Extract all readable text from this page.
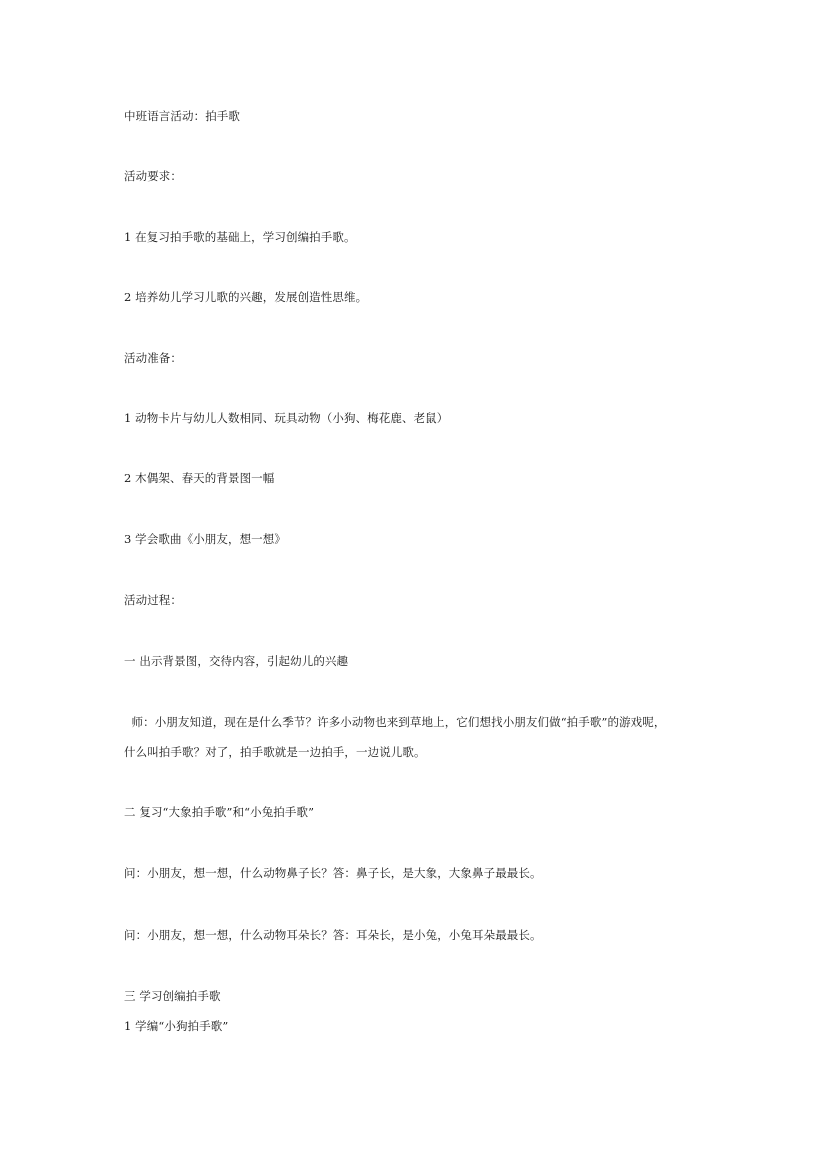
中班语言活动：拍手歌
活动要求：
1 在复习拍手歌的基础上，学习创编拍手歌。
2 培养幼儿学习儿歌的兴趣，发展创造性思维。
活动准备：
1 动物卡片与幼儿人数相同、玩具动物（小狗、梅花鹿、老鼠）
2 木偶架、春天的背景图一幅
3 学会歌曲《小朋友，想一想》
活动过程：
一 出示背景图，交待内容，引起幼儿的兴趣
师：小朋友知道，现在是什么季节？许多小动物也来到草地上，它们想找小朋友们做“拍手歌”的游戏呢，
什么叫拍手歌？对了，拍手歌就是一边拍手，一边说儿歌。
二 复习“大象拍手歌”和“小兔拍手歌”
问：小朋友，想一想，什么动物鼻子长？答：鼻子长，是大象，大象鼻子最最长。
问：小朋友，想一想，什么动物耳朵长？答：耳朵长，是小兔，小兔耳朵最最长。
三 学习创编拍手歌
1 学编“小狗拍手歌”
